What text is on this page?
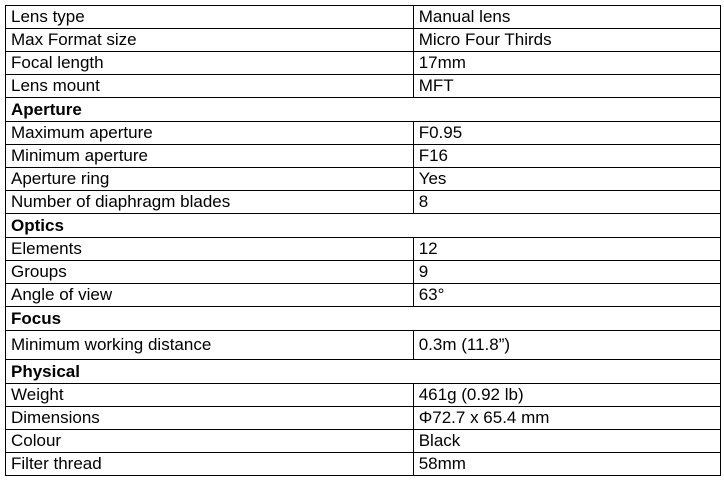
Lens type	Manual lens
Max Format size	Micro Four Thirds
Focal length	17mm
Lens mount	MFT
Aperture	
Maximum aperture	F0.95
Minimum aperture	F16
Aperture ring	Yes
Number of diaphragm blades	8
Optics	
Elements	12
Groups	9
Angle of view	63°
Focus	
Minimum working distance	0.3m (11.8”)
Physical	
Weight	461g (0.92 lb)
Dimensions	Φ72.7 x 65.4 mm
Colour	Black
Filter thread	58mm
